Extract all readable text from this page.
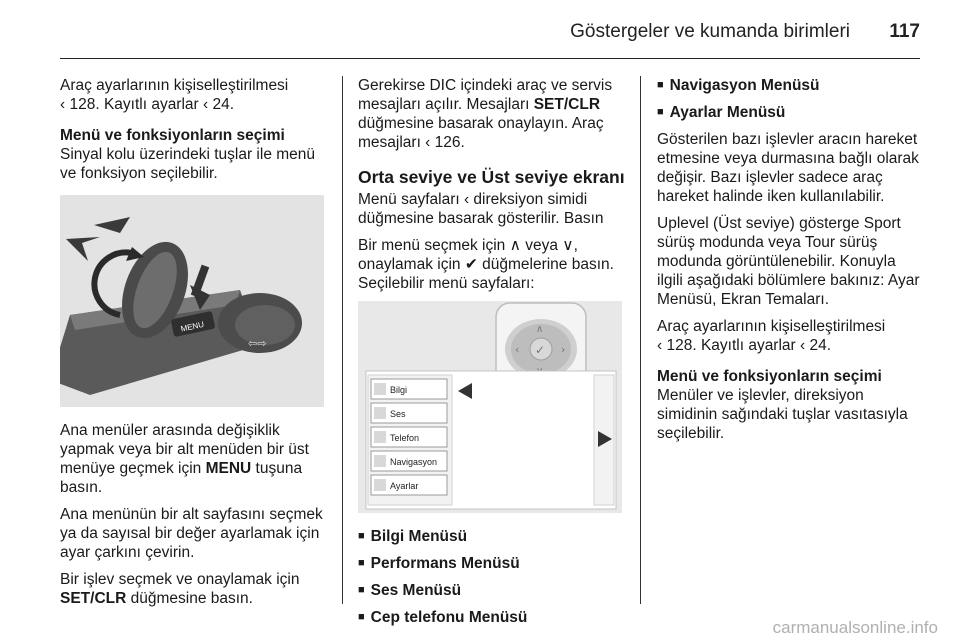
Göstergeler ve kumanda birimleri 117

Araç ayarlarının kişiselleştirilmesi
‹ 128. Kayıtlı ayarlar ‹ 24.

Menü ve fonksiyonların seçimi

Sinyal kolu üzerindeki tuşlar ile menü ve fonksiyon seçilebilir.

MENU
⇦⇨

Ana menüler arasında değişiklik yapmak veya bir alt menüden bir üst menüye geçmek için MENU tuşuna basın.

Ana menünün bir alt sayfasını seçmek ya da sayısal bir değer ayarlamak için ayar çarkını çevirin.

Bir işlev seçmek ve onaylamak için SET/CLR düğmesine basın.

Gerekirse DIC içindeki araç ve servis mesajları açılır. Mesajları SET/CLR düğmesine basarak onaylayın. Araç mesajları ‹ 126.

Orta seviye ve Üst seviye ekranı

Menü sayfaları ‹ direksiyon simidi düğmesine basarak gösterilir. Basın

Bir menü seçmek için ∧ veya ∨, onaylamak için ✔ düğmelerine basın. Seçilebilir menü sayfaları:

✓
∧
‹	›
Bilgi
Ses
Telefon
Navigasyon
Ayarlar
■ Bilgi Menüsü
■ Performans Menüsü
■ Ses Menüsü
■ Cep telefonu Menüsü
■ Navigasyon Menüsü
■ Ayarlar Menüsü

Gösterilen bazı işlevler aracın hareket etmesine veya durmasına bağlı olarak değişir. Bazı işlevler sadece araç hareket halinde iken kullanılabilir.

Uplevel (Üst seviye) gösterge Sport sürüş modunda veya Tour sürüş modunda görüntülenebilir. Konuyla ilgili aşağıdaki bölümlere bakınız: Ayar Menüsü, Ekran Temaları.

Araç ayarlarının kişiselleştirilmesi
‹ 128. Kayıtlı ayarlar ‹ 24.

Menü ve fonksiyonların seçimi

Menüler ve işlevler, direksiyon simidinin sağındaki tuşlar vasıtasıyla seçilebilir.

carmanualsonline.info
